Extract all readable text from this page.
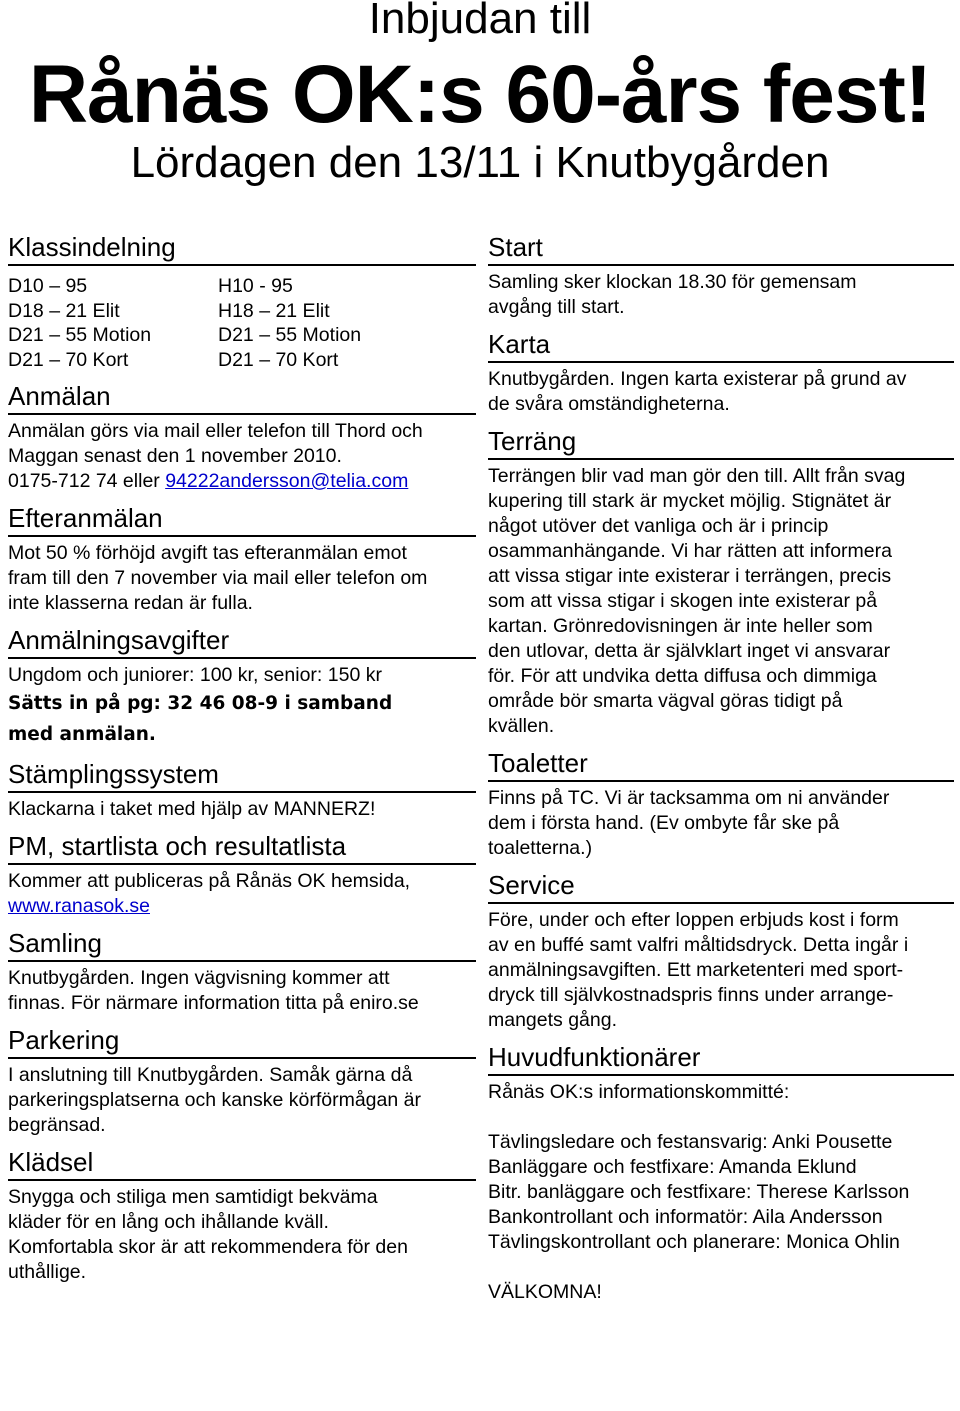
Inbjudan till
Rånäs OK:s 60-års fest!
Lördagen den 13/11 i Knutbygården
Klassindelning
D10 – 95	H10 - 95
D18 – 21 Elit	H18 – 21 Elit
D21 – 55 Motion	D21 – 55 Motion
D21 – 70 Kort	D21 – 70 Kort
Anmälan

Anmälan görs via mail eller telefon till Thord och
Maggan senast den 1 november 2010.
0175-712 74 eller 94222andersson@telia.com

Efteranmälan

Mot 50 % förhöjd avgift tas efteranmälan emot
fram till den 7 november via mail eller telefon om
inte klasserna redan är fulla.

Anmälningsavgifter

Ungdom och juniorer: 100 kr, senior: 150 kr
Sätts in på pg: 32 46 08-9 i samband
med anmälan.

Stämplingssystem

Klackarna i taket med hjälp av MANNERZ!

PM, startlista och resultatlista

Kommer att publiceras på Rånäs OK hemsida,
www.ranasok.se

Samling

Knutbygården. Ingen vägvisning kommer att
finnas. För närmare information titta på eniro.se

Parkering

I anslutning till Knutbygården. Samåk gärna då
parkeringsplatserna och kanske körförmågan är
begränsad.

Klädsel

Snygga och stiliga men samtidigt bekväma
kläder för en lång och ihållande kväll.
Komfortabla skor är att rekommendera för den
uthållige.

Start

Samling sker klockan 18.30 för gemensam
avgång till start.

Karta

Knutbygården. Ingen karta existerar på grund av
de svåra omständigheterna.

Terräng

Terrängen blir vad man gör den till. Allt från svag
kupering till stark är mycket möjlig. Stignätet är
något utöver det vanliga och är i princip
osammanhängande. Vi har rätten att informera
att vissa stigar inte existerar i terrängen, precis
som att vissa stigar i skogen inte existerar på
kartan. Grönredovisningen är inte heller som
den utlovar, detta är självklart inget vi ansvarar
för. För att undvika detta diffusa och dimmiga
område bör smarta vägval göras tidigt på
kvällen.

Toaletter

Finns på TC. Vi är tacksamma om ni använder
dem i första hand. (Ev ombyte får ske på
toaletterna.)

Service

Före, under och efter loppen erbjuds kost i form
av en buffé samt valfri måltidsdryck. Detta ingår i
anmälningsavgiften. Ett marketenteri med sport-
dryck till självkostnadspris finns under arrange-
mangets gång.

Huvudfunktionärer

Rånäs OK:s informationskommitté:

Tävlingsledare och festansvarig: Anki Pousette
Banläggare och festfixare: Amanda Eklund
Bitr. banläggare och festfixare: Therese Karlsson
Bankontrollant och informatör: Aila Andersson
Tävlingskontrollant och planerare: Monica Ohlin

VÄLKOMNA!
